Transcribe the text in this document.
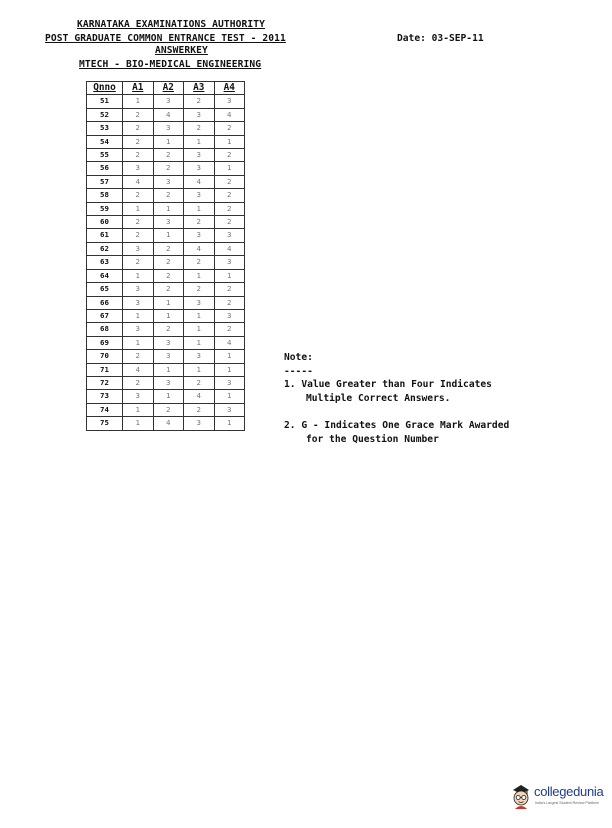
KARNATAKA EXAMINATIONS AUTHORITY
POST GRADUATE COMMON ENTRANCE TEST - 2011
ANSWERKEY
MTECH - BIO-MEDICAL ENGINEERING
Date: 03-SEP-11
Qnno	A1	A2	A3	A4
51	1	3	2	3
52	2	4	3	4
53	2	3	2	2
54	2	1	1	1
55	2	2	3	2
56	3	2	3	1
57	4	3	4	2
58	2	2	3	2
59	1	1	1	2
60	2	3	2	2
61	2	1	3	3
62	3	2	4	4
63	2	2	2	3
64	1	2	1	1
65	3	2	2	2
66	3	1	3	2
67	1	1	1	3
68	3	2	1	2
69	1	3	1	4
70	2	3	3	1
71	4	1	1	1
72	2	3	2	3
73	3	1	4	1
74	1	2	2	3
75	1	4	3	1
Note:
-----
1. Value Greater than Four Indicates
Multiple Correct Answers.
2. G - Indicates One Grace Mark Awarded
for the Question Number
collegedunia
India's Largest Student Review Platform
